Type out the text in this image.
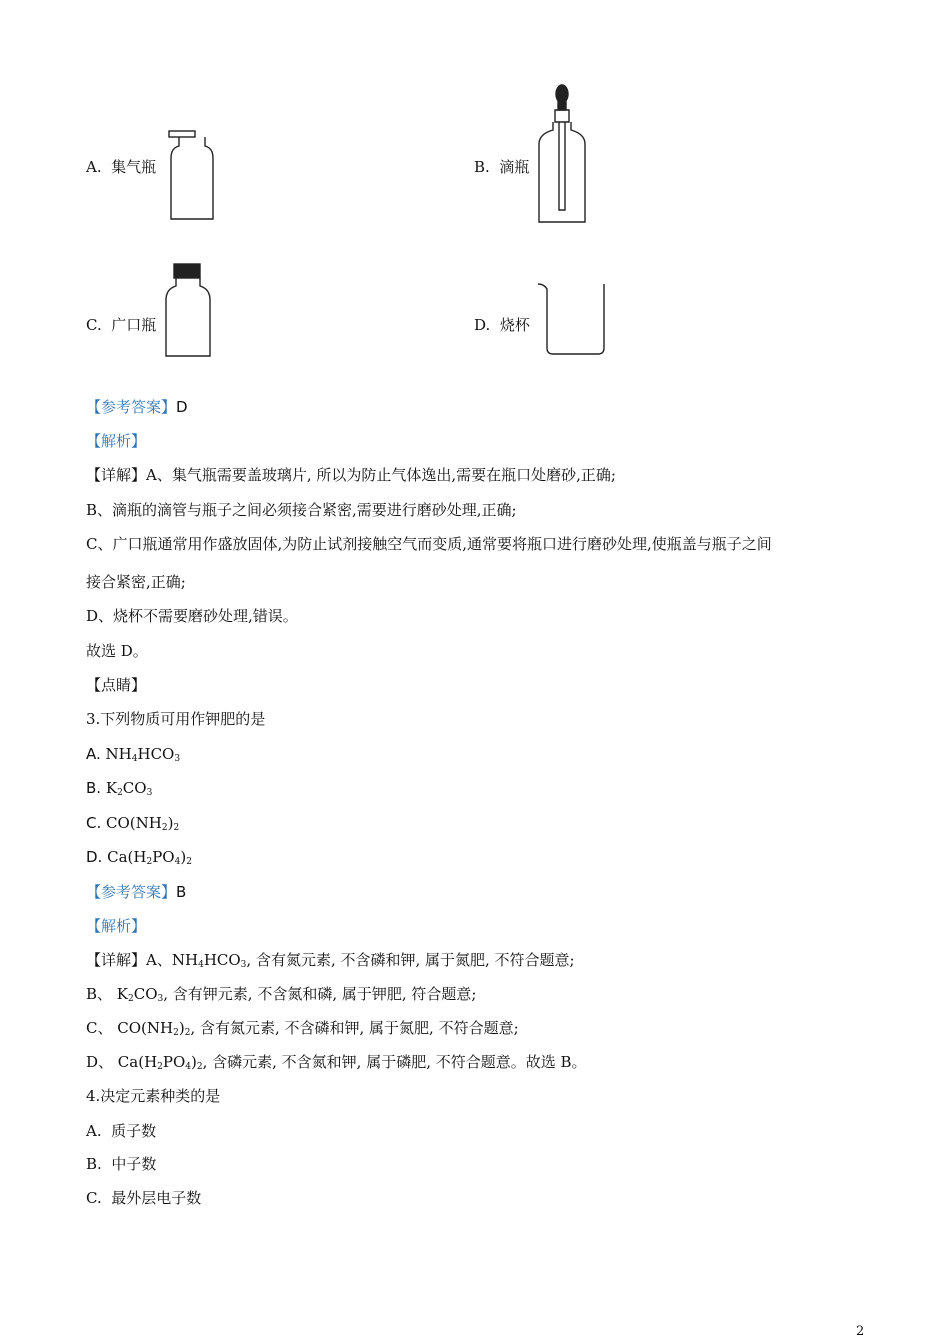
A. 集气瓶	B. 滴瓶
C. 广口瓶	D. 烧杯
【参考答案】D
【解析】
【详解】A、集气瓶需要盖玻璃片, 所以为防止气体逸出,需要在瓶口处磨砂,正确;
B、滴瓶的滴管与瓶子之间必须接合紧密,需要进行磨砂处理,正确;
C、广口瓶通常用作盛放固体,为防止试剂接触空气而变质,通常要将瓶口进行磨砂处理,使瓶盖与瓶子之间
接合紧密,正确;
D、烧杯不需要磨砂处理,错误。
故选 D。
【点睛】
3.下列物质可用作钾肥的是
A. $NH_4HCO_3$
B. $K_2CO_3$
C. $CO(NH_2)_2$
D. $Ca(H_2PO_4)_2$
【参考答案】B
【解析】
【详解】A、$NH_4HCO_3$, 含有氮元素, 不含磷和钾, 属于氮肥, 不符合题意;
B、 $K_2CO_3$, 含有钾元素, 不含氮和磷, 属于钾肥, 符合题意;
C、 $CO(NH_2)_2$, 含有氮元素, 不含磷和钾, 属于氮肥, 不符合题意;
D、 $Ca(H_2PO_4)_2$, 含磷元素, 不含氮和钾, 属于磷肥, 不符合题意。故选 B。
4.决定元素种类的是
A. 质子数
B. 中子数
C. 最外层电子数
2
